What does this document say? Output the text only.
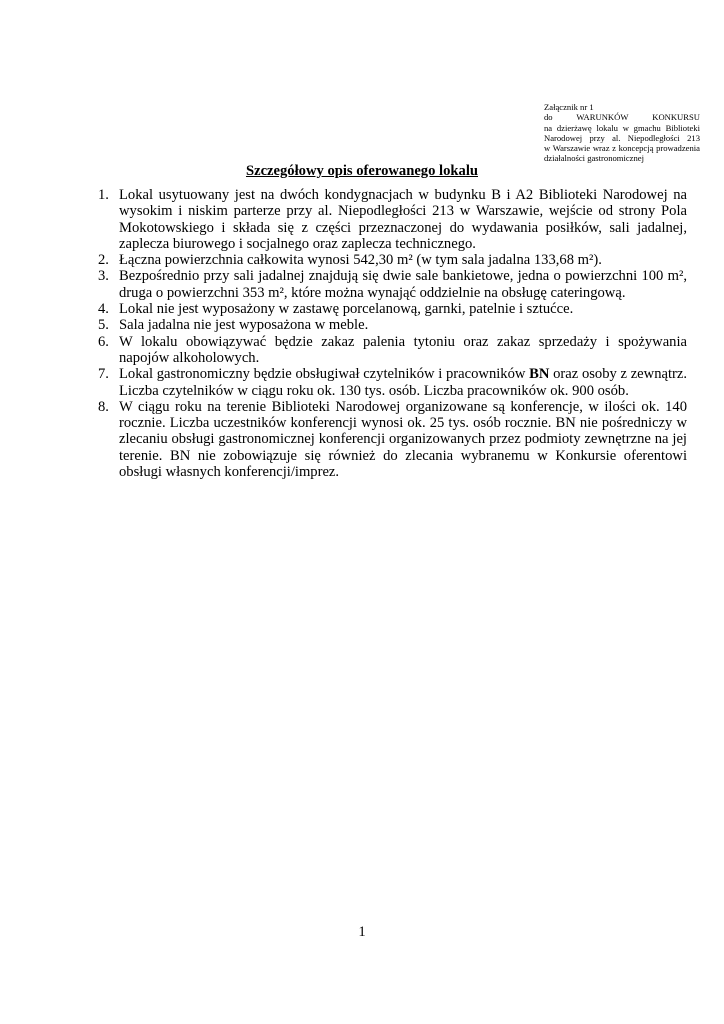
Załącznik nr 1
do WARUNKÓW KONKURSU
na dzierżawę lokalu w gmachu Biblioteki
Narodowej przy al. Niepodległości 213
w Warszawie wraz z koncepcją prowadzenia
działalności gastronomicznej
Szczegółowy opis oferowanego lokalu
1. Lokal usytuowany jest na dwóch kondygnacjach w budynku B i A2 Biblioteki Narodowej na wysokim i niskim parterze przy al. Niepodległości 213 w Warszawie, wejście od strony Pola Mokotowskiego i składa się z części przeznaczonej do wydawania posiłków, sali jadalnej, zaplecza biurowego i socjalnego oraz zaplecza technicznego.
2. Łączna powierzchnia całkowita wynosi 542,30 m² (w tym sala jadalna 133,68 m²).
3. Bezpośrednio przy sali jadalnej znajdują się dwie sale bankietowe, jedna o powierzchni 100 m², druga o powierzchni 353 m², które można wynająć oddzielnie na obsługę cateringową.
4. Lokal nie jest wyposażony w zastawę porcelanową, garnki, patelnie i sztućce.
5. Sala jadalna nie jest wyposażona w meble.
6. W lokalu obowiązywać będzie zakaz palenia tytoniu oraz zakaz sprzedaży i spożywania napojów alkoholowych.
7. Lokal gastronomiczny będzie obsługiwał czytelników i pracowników BN oraz osoby z zewnątrz. Liczba czytelników w ciągu roku ok. 130 tys. osób. Liczba pracowników ok. 900 osób.
8. W ciągu roku na terenie Biblioteki Narodowej organizowane są konferencje, w ilości ok. 140 rocznie. Liczba uczestników konferencji wynosi ok. 25 tys. osób rocznie. BN nie pośredniczy w zlecaniu obsługi gastronomicznej konferencji organizowanych przez podmioty zewnętrzne na jej terenie. BN nie zobowiązuje się również do zlecania wybranemu w Konkursie oferentowi obsługi własnych konferencji/imprez.
1
